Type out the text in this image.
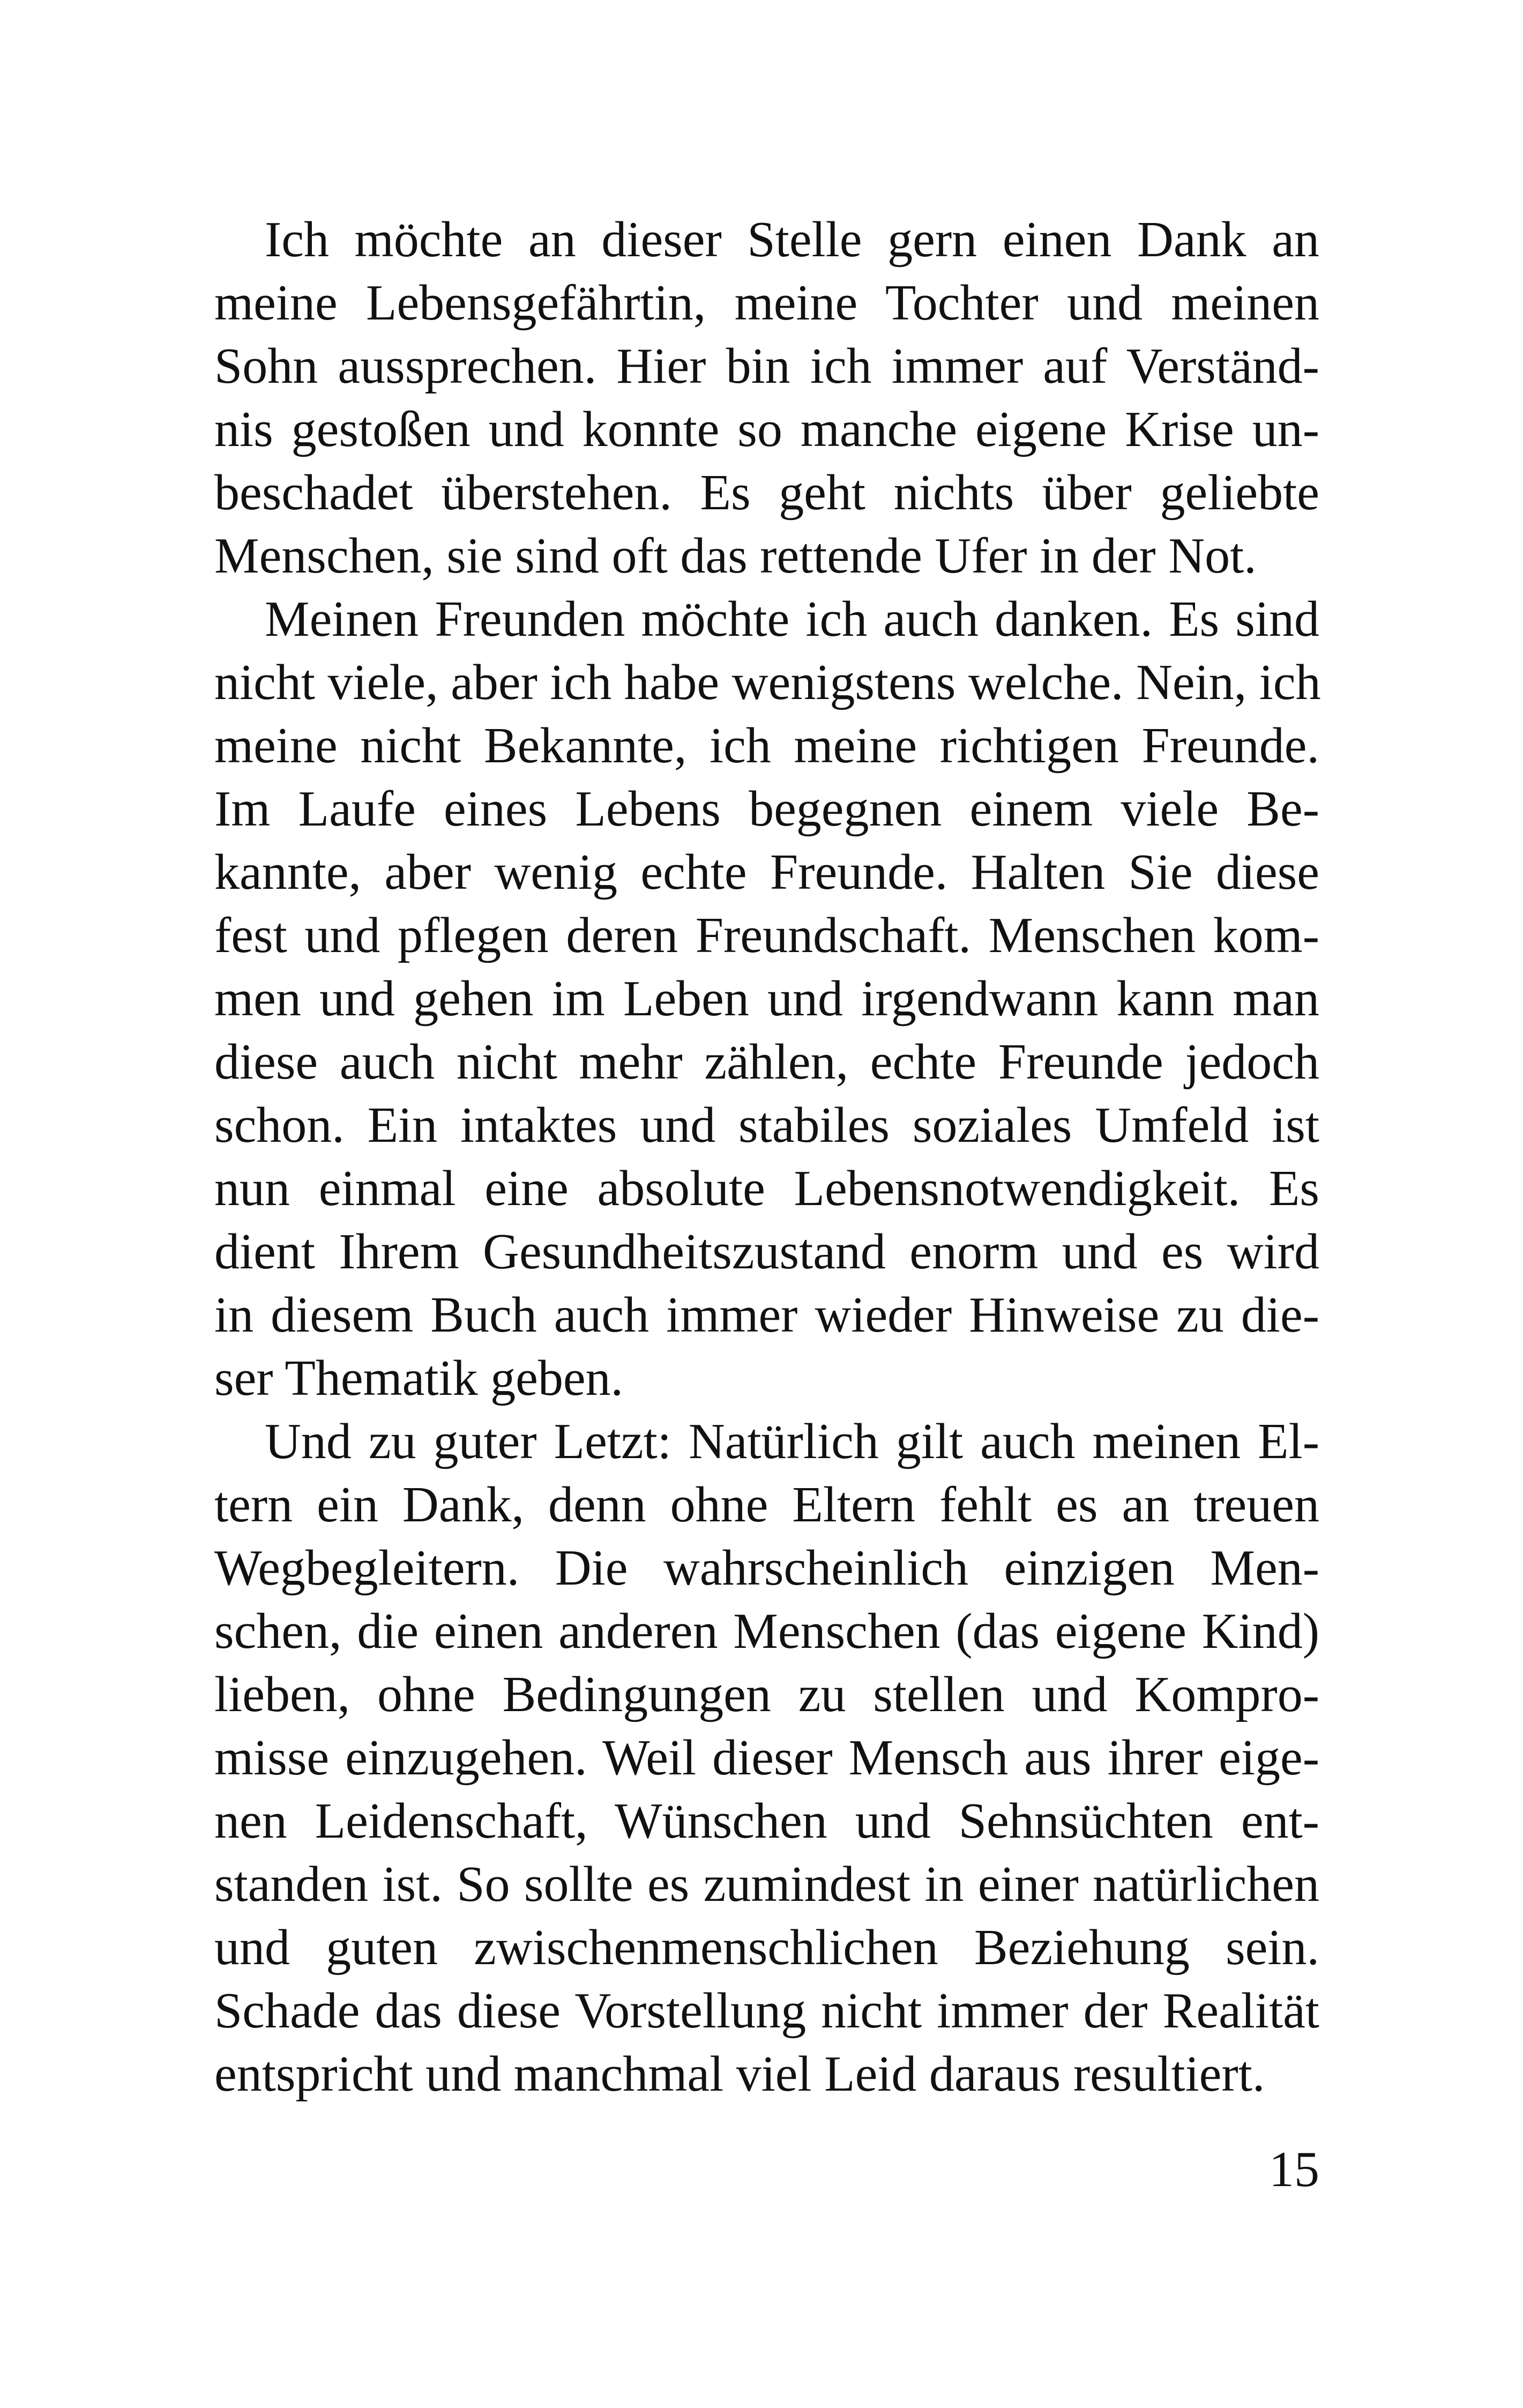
Ich möchte an dieser Stelle gern einen Dank an
meine Lebensgefährtin, meine Tochter und meinen
Sohn aussprechen. Hier bin ich immer auf Verständ-
nis gestoßen und konnte so manche eigene Krise un-
beschadet überstehen. Es geht nichts über geliebte
Menschen, sie sind oft das rettende Ufer in der Not.
Meinen Freunden möchte ich auch danken. Es sind
nicht viele, aber ich habe wenigstens welche. Nein, ich
meine nicht Bekannte, ich meine richtigen Freunde.
Im Laufe eines Lebens begegnen einem viele Be-
kannte, aber wenig echte Freunde. Halten Sie diese
fest und pflegen deren Freundschaft. Menschen kom-
men und gehen im Leben und irgendwann kann man
diese auch nicht mehr zählen, echte Freunde jedoch
schon. Ein intaktes und stabiles soziales Umfeld ist
nun einmal eine absolute Lebensnotwendigkeit. Es
dient Ihrem Gesundheitszustand enorm und es wird
in diesem Buch auch immer wieder Hinweise zu die-
ser Thematik geben.
Und zu guter Letzt: Natürlich gilt auch meinen El-
tern ein Dank, denn ohne Eltern fehlt es an treuen
Wegbegleitern. Die wahrscheinlich einzigen Men-
schen, die einen anderen Menschen (das eigene Kind)
lieben, ohne Bedingungen zu stellen und Kompro-
misse einzugehen. Weil dieser Mensch aus ihrer eige-
nen Leidenschaft, Wünschen und Sehnsüchten ent-
standen ist. So sollte es zumindest in einer natürlichen
und guten zwischenmenschlichen Beziehung sein.
Schade das diese Vorstellung nicht immer der Realität
entspricht und manchmal viel Leid daraus resultiert.
15
